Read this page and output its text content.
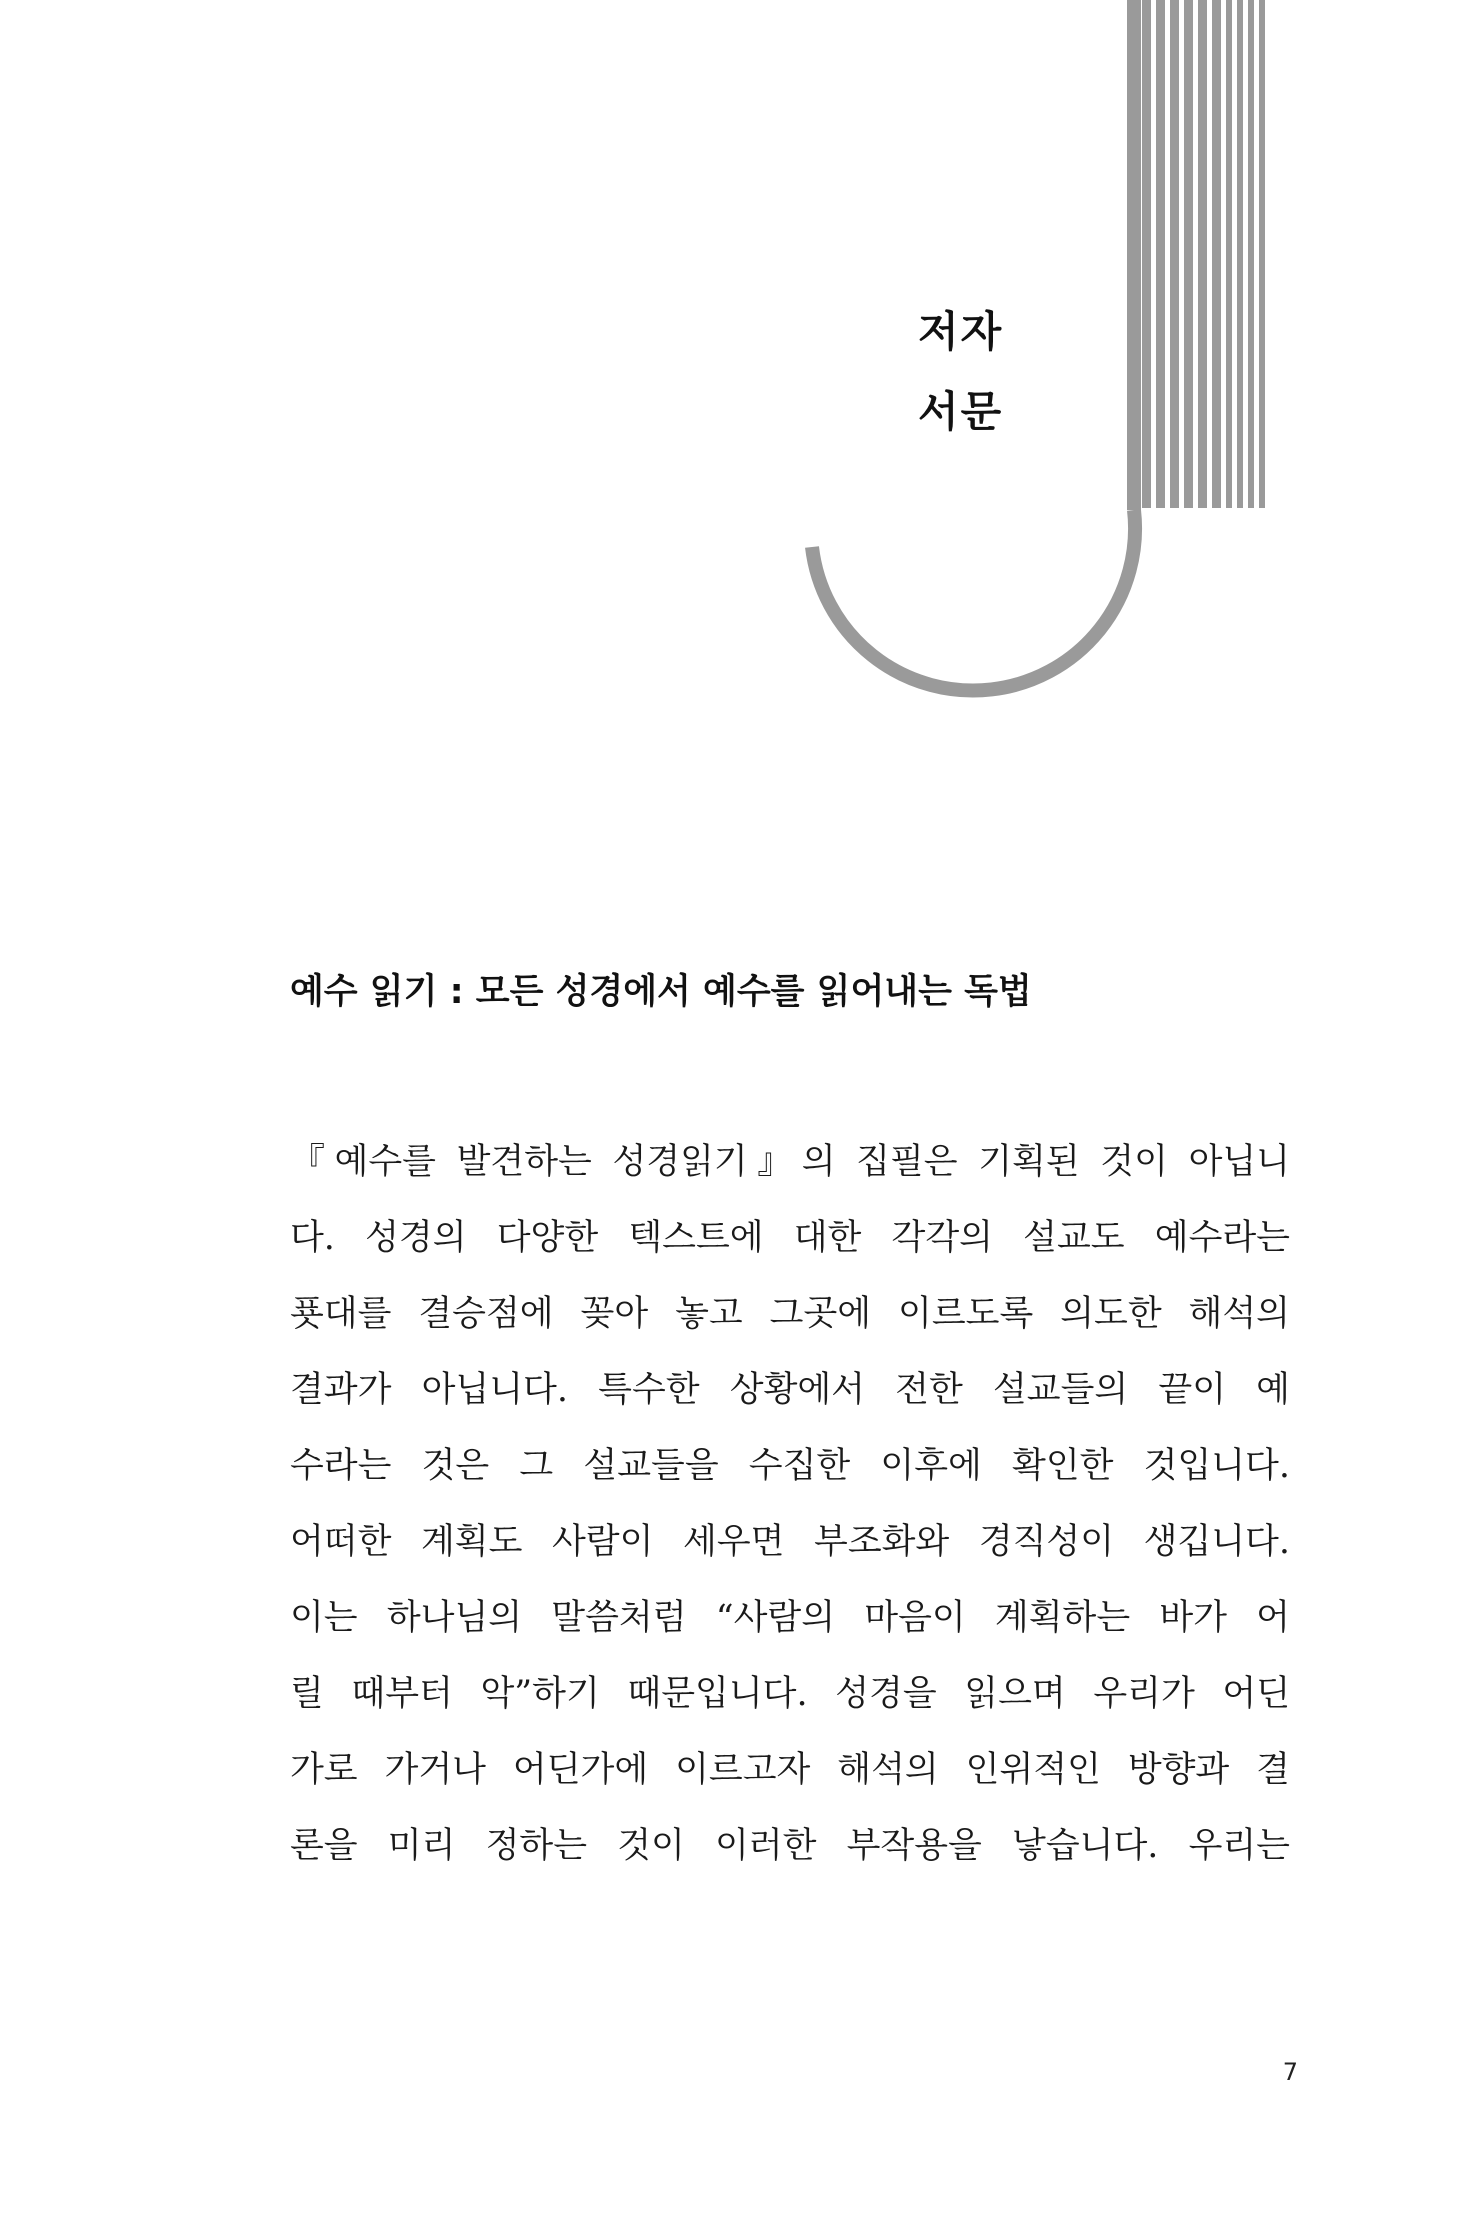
저자
서문
예수 읽기 : 모든 성경에서 예수를 읽어내는 독법
『예수를 발견하는 성경읽기』의 집필은 기획된 것이 아닙니
다. 성경의 다양한 텍스트에 대한 각각의 설교도 예수라는
푯대를 결승점에 꽂아 놓고 그곳에 이르도록 의도한 해석의
결과가 아닙니다. 특수한 상황에서 전한 설교들의 끝이 예
수라는 것은 그 설교들을 수집한 이후에 확인한 것입니다.
어떠한 계획도 사람이 세우면 부조화와 경직성이 생깁니다.
이는 하나님의 말씀처럼 “사람의 마음이 계획하는 바가 어
릴 때부터 악”하기 때문입니다. 성경을 읽으며 우리가 어딘
가로 가거나 어딘가에 이르고자 해석의 인위적인 방향과 결
론을 미리 정하는 것이 이러한 부작용을 낳습니다. 우리는
7
